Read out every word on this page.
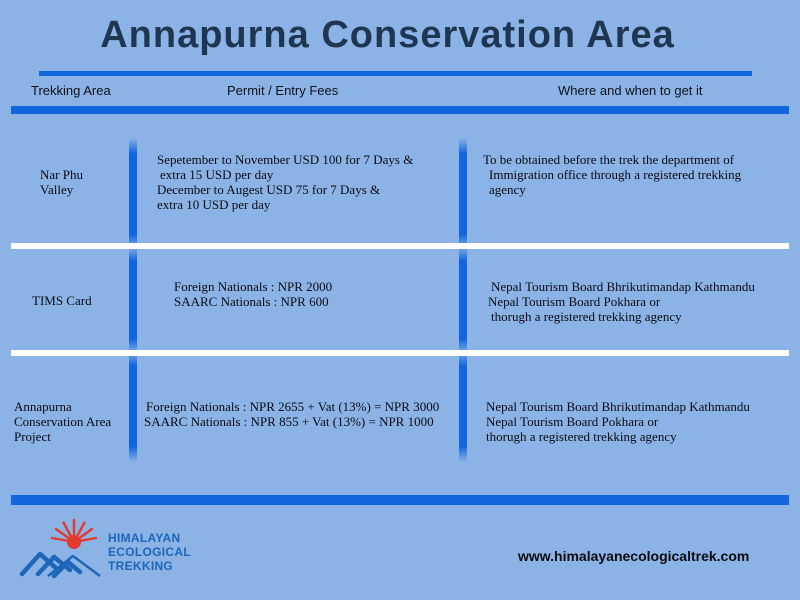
Annapurna Conservation Area
Trekking Area	Permit / Entry Fees	Where and when to get it
Nar Phu
Valley
Sepetember to November USD 100 for 7 Days &
extra 15 USD per day
December to Augest USD 75 for 7 Days &
extra 10 USD per day
To be obtained before the trek the department of
Immigration office through a registered trekking
agency
TIMS Card
Foreign Nationals : NPR 2000
SAARC Nationals : NPR 600
Nepal Tourism Board Bhrikutimandap Kathmandu
Nepal Tourism Board Pokhara or
thorugh a registered trekking agency
Annapurna
Conservation Area
Project
Foreign Nationals : NPR 2655 + Vat (13%) = NPR 3000
SAARC Nationals : NPR 855 + Vat (13%) = NPR 1000
Nepal Tourism Board Bhrikutimandap Kathmandu
Nepal Tourism Board Pokhara or
thorugh a registered trekking agency
HIMALAYAN
ECOLOGICAL
TREKKING
www.himalayanecologicaltrek.com
